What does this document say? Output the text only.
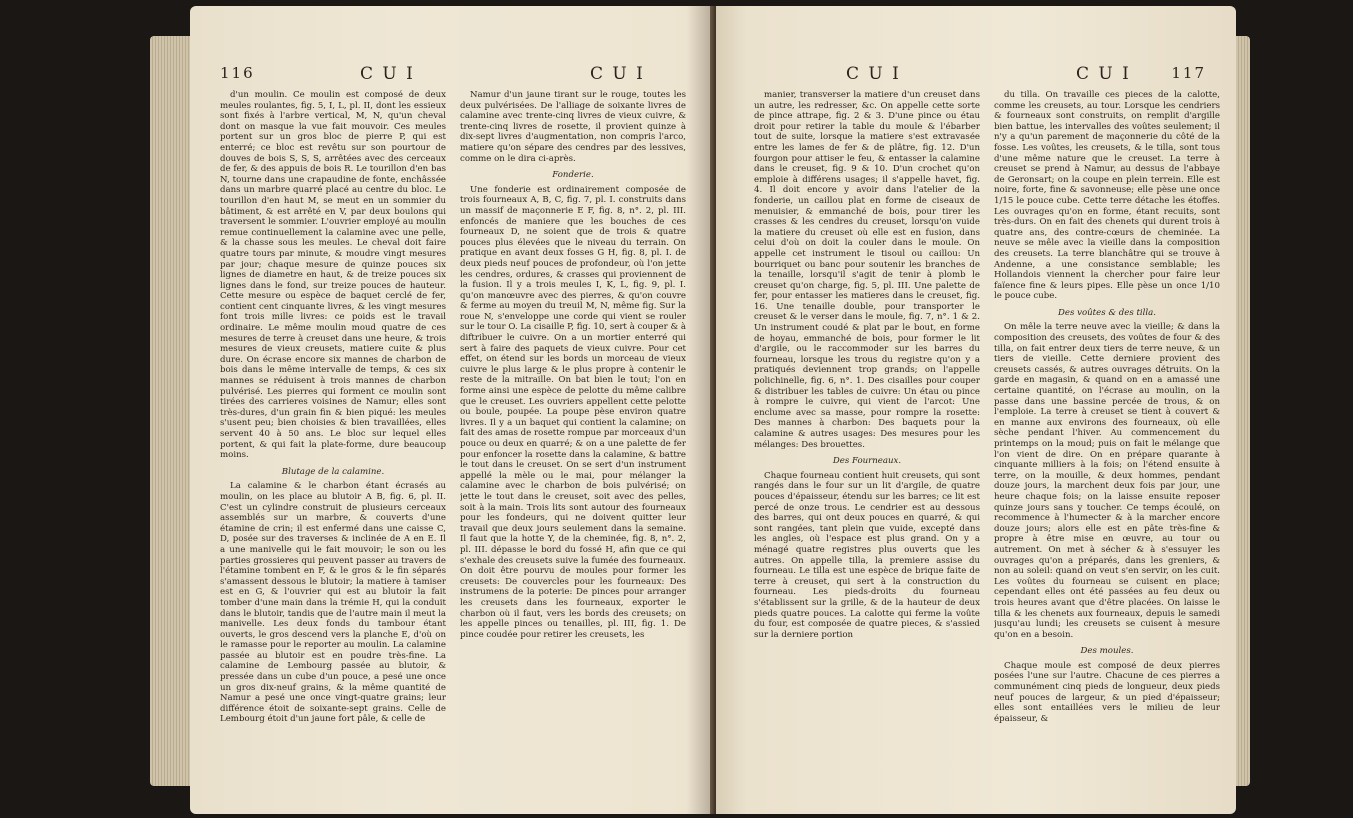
116	C U I	C U I

d'un moulin. Ce moulin est composé de deux meules roulantes, fig. 5, I, L, pl. II, dont les essieux sont fixés à l'arbre vertical, M, N, qu'un cheval dont on masque la vue fait mouvoir. Ces meules portent sur un gros bloc de pierre P, qui est enterré; ce bloc est revêtu sur son pourtour de douves de bois S, S, S, arrêtées avec des cerceaux de fer, & des appuis de bois R. Le tourillon d'en bas N, tourne dans une crapaudine de fonte, enchâssée dans un marbre quarré placé au centre du bloc. Le tourillon d'en haut M, se meut en un sommier du bâtiment, & est arrêté en V, par deux boulons qui traversent le sommier. L'ouvrier employé au moulin remue continuellement la calamine avec une pelle, & la chasse sous les meules. Le cheval doit faire quatre tours par minute, & moudre vingt mesures par jour; chaque mesure de quinze pouces six lignes de diametre en haut, & de treize pouces six lignes dans le fond, sur treize pouces de hauteur. Cette mesure ou espèce de baquet cerclé de fer, contient cent cinquante livres, & les vingt mesures font trois mille livres: ce poids est le travail ordinaire. Le même moulin moud quatre de ces mesures de terre à creuset dans une heure, & trois mesures de vieux creusets, matiere cuite & plus dure. On écrase encore six mannes de charbon de bois dans le même intervalle de temps, & ces six mannes se réduisent à trois mannes de charbon pulvérisé. Les pierres qui forment ce moulin sont tirées des carrieres voisines de Namur; elles sont très-dures, d'un grain fin & bien piqué: les meules s'usent peu; bien choisies & bien travaillées, elles servent 40 à 50 ans. Le bloc sur lequel elles portent, & qui fait la plate-forme, dure beaucoup moins.

Blutage de la calamine.

La calamine & le charbon étant écrasés au moulin, on les place au blutoir A B, fig. 6, pl. II. C'est un cylindre construit de plusieurs cerceaux assemblés sur un marbre, & couverts d'une étamine de crin; il est enfermé dans une caisse C, D, posée sur des traverses & inclinée de A en E. Il a une manivelle qui le fait mouvoir; le son ou les parties grossieres qui peuvent passer au travers de l'étamine tombent en F, & le gros & le fin séparés s'amassent dessous le blutoir; la matiere à tamiser est en G, & l'ouvrier qui est au blutoir la fait tomber d'une main dans la trémie H, qui la conduit dans le blutoir, tandis que de l'autre main il meut la manivelle. Les deux fonds du tambour étant ouverts, le gros descend vers la planche E, d'où on le ramasse pour le reporter au moulin. La calamine passée au blutoir est en poudre très-fine. La calamine de Lembourg passée au blutoir, & pressée dans un cube d'un pouce, a pesé une once un gros dix-neuf grains, & la même quantité de Namur a pesé une once vingt-quatre grains; leur différence étoit de soixante-sept grains. Celle de Lembourg étoit d'un jaune fort pâle, & celle de

Namur d'un jaune tirant sur le rouge, toutes les deux pulvérisées. De l'alliage de soixante livres de calamine avec trente-cinq livres de vieux cuivre, & trente-cinq livres de rosette, il provient quinze à dix-sept livres d'augmentation, non compris l'arco, matiere qu'on sépare des cendres par des lessives, comme on le dira ci-après.

Fonderie.

Une fonderie est ordinairement composée de trois fourneaux A, B, C, fig. 7, pl. I. construits dans un massif de maçonnerie E F, fig. 8, n°. 2, pl. III. enfoncés de maniere que les bouches de ces fourneaux D, ne soient que de trois & quatre pouces plus élevées que le niveau du terrain. On pratique en avant deux fosses G H, fig. 8, pl. I. de deux pieds neuf pouces de profondeur, où l'on jette les cendres, ordures, & crasses qui proviennent de la fusion. Il y a trois meules I, K, L, fig. 9, pl. I. qu'on manœuvre avec des pierres, & qu'on couvre & ferme au moyen du treuil M, N, même fig. Sur la roue N, s'enveloppe une corde qui vient se rouler sur le tour O. La cisaille P, fig. 10, sert à couper & à diftribuer le cuivre. On a un mortier enterré qui sert à faire des paquets de vieux cuivre. Pour cet effet, on étend sur les bords un morceau de vieux cuivre le plus large & le plus propre à contenir le reste de la mitraille. On bat bien le tout; l'on en forme ainsi une espèce de pelotte du même calibre que le creuset. Les ouvriers appellent cette pelotte ou boule, poupée. La poupe pèse environ quatre livres. Il y a un baquet qui contient la calamine; on fait des amas de rosette rompue par morceaux d'un pouce ou deux en quarré; & on a une palette de fer pour enfoncer la rosette dans la calamine, & battre le tout dans le creuset. On se sert d'un instrument appellé la mèle ou le mai, pour mélanger la calamine avec le charbon de bois pulvérisé; on jette le tout dans le creuset, soit avec des pelles, soit à la main. Trois lits sont autour des fourneaux pour les fondeurs, qui ne doivent quitter leur travail que deux jours seulement dans la semaine. Il faut que la hotte Y, de la cheminée, fig. 8, n°. 2, pl. III. dépasse le bord du fossé H, afin que ce qui s'exhale des creusets suive la fumée des fourneaux. On doit être pourvu de moules pour former les creusets: De couvercles pour les fourneaux: Des instrumens de la poterie: De pinces pour arranger les creusets dans les fourneaux, exporter le charbon où il faut, vers les bords des creusets; on les appelle pinces ou tenailles, pl. III, fig. 1. De pince coudée pour retirer les creusets, les

C U I	C U I	117

manier, transverser la matiere d'un creuset dans un autre, les redresser, &c. On appelle cette sorte de pince attrape, fig. 2 & 3. D'une pince ou étau droit pour retirer la table du moule & l'ébarber tout de suite, lorsque la matiere s'est extravasée entre les lames de fer & de plâtre, fig. 12. D'un fourgon pour attiser le feu, & entasser la calamine dans le creuset, fig. 9 & 10. D'un crochet qu'on emploie à différens usages; il s'appelle havet, fig. 4. Il doit encore y avoir dans l'atelier de la fonderie, un caillou plat en forme de ciseaux de menuisier, & emmanché de bois, pour tirer les crasses & les cendres du creuset, lorsqu'on vuide la matiere du creuset où elle est en fusion, dans celui d'où on doit la couler dans le moule. On appelle cet instrument le tisoul ou caillou: Un bourriquet ou banc pour soutenir les branches de la tenaille, lorsqu'il s'agit de tenir à plomb le creuset qu'on charge, fig. 5, pl. III. Une palette de fer, pour entasser les matieres dans le creuset, fig. 16. Une tenaille double, pour transporter le creuset & le verser dans le moule, fig. 7, n°. 1 & 2. Un instrument coudé & plat par le bout, en forme de hoyau, emmanché de bois, pour former le lit d'argile, ou le raccommoder sur les barres du fourneau, lorsque les trous du registre qu'on y a pratiqués deviennent trop grands; on l'appelle polichinelle, fig. 6, n°. 1. Des cisailles pour couper & distribuer les tables de cuivre: Un étau ou pince à rompre le cuivre, qui vient de l'arcot: Une enclume avec sa masse, pour rompre la rosette: Des mannes à charbon: Des baquets pour la calamine & autres usages: Des mesures pour les mélanges: Des brouettes.

Des Fourneaux.

Chaque fourneau contient huit creusets, qui sont rangés dans le four sur un lit d'argile, de quatre pouces d'épaisseur, étendu sur les barres; ce lit est percé de onze trous. Le cendrier est au dessous des barres, qui ont deux pouces en quarré, & qui sont rangées, tant plein que vuide, excepté dans les angles, où l'espace est plus grand. On y a ménagé quatre registres plus ouverts que les autres. On appelle tilla, la premiere assise du fourneau. Le tilla est une espèce de brique faite de terre à creuset, qui sert à la construction du fourneau. Les pieds-droits du fourneau s'établissent sur la grille, & de la hauteur de deux pieds quatre pouces. La calotte qui ferme la voûte du four, est composée de quatre pieces, & s'assied sur la derniere portion

du tilla. On travaille ces pieces de la calotte, comme les creusets, au tour. Lorsque les cendriers & fourneaux sont construits, on remplit d'argille bien battue, les intervalles des voûtes seulement; il n'y a qu'un parement de maçonnerie du côté de la fosse. Les voûtes, les creusets, & le tilla, sont tous d'une même nature que le creuset. La terre à creuset se prend à Namur, au dessus de l'abbaye de Geronsart; on la coupe en plein terrein. Elle est noire, forte, fine & savonneuse; elle pèse une once 1/15 le pouce cube. Cette terre détache les étoffes. Les ouvrages qu'on en forme, étant recuits, sont très-durs. On en fait des chenets qui durent trois à quatre ans, des contre-cœurs de cheminée. La neuve se mêle avec la vieille dans la composition des creusets. La terre blanchâtre qui se trouve à Andenne, a une consistance semblable; les Hollandois viennent la chercher pour faire leur faïence fine & leurs pipes. Elle pèse un once 1/10 le pouce cube.

Des voûtes & des tilla.

On mêle la terre neuve avec la vieille; & dans la composition des creusets, des voûtes de four & des tilla, on fait entrer deux tiers de terre neuve, & un tiers de vieille. Cette derniere provient des creusets cassés, & autres ouvrages détruits. On la garde en magasin, & quand on en a amassé une certaine quantité, on l'écrase au moulin, on la passe dans une bassine percée de trous, & on l'emploie. La terre à creuset se tient à couvert & en manne aux environs des fourneaux, où elle sèche pendant l'hiver. Au commencement du printemps on la moud; puis on fait le mélange que l'on vient de dire. On en prépare quarante à cinquante milliers à la fois; on l'étend ensuite à terre, on la mouille, & deux hommes, pendant douze jours, la marchent deux fois par jour, une heure chaque fois; on la laisse ensuite reposer quinze jours sans y toucher. Ce temps écoulé, on recommence à l'humecter & à la marcher encore douze jours; alors elle est en pâte très-fine & propre à être mise en œuvre, au tour ou autrement. On met à sécher & à s'essuyer les ouvrages qu'on a préparés, dans les greniers, & non au soleil: quand on veut s'en servir, on les cuit. Les voûtes du fourneau se cuisent en place; cependant elles ont été passées au feu deux ou trois heures avant que d'être placées. On laisse le tilla & les chenets aux fourneaux, depuis le samedi jusqu'au lundi; les creusets se cuisent à mesure qu'on en a besoin.

Des moules.

Chaque moule est composé de deux pierres posées l'une sur l'autre. Chacune de ces pierres a communément cinq pieds de longueur, deux pieds neuf pouces de largeur, & un pied d'épaisseur; elles sont entaillées vers le milieu de leur épaisseur, &
